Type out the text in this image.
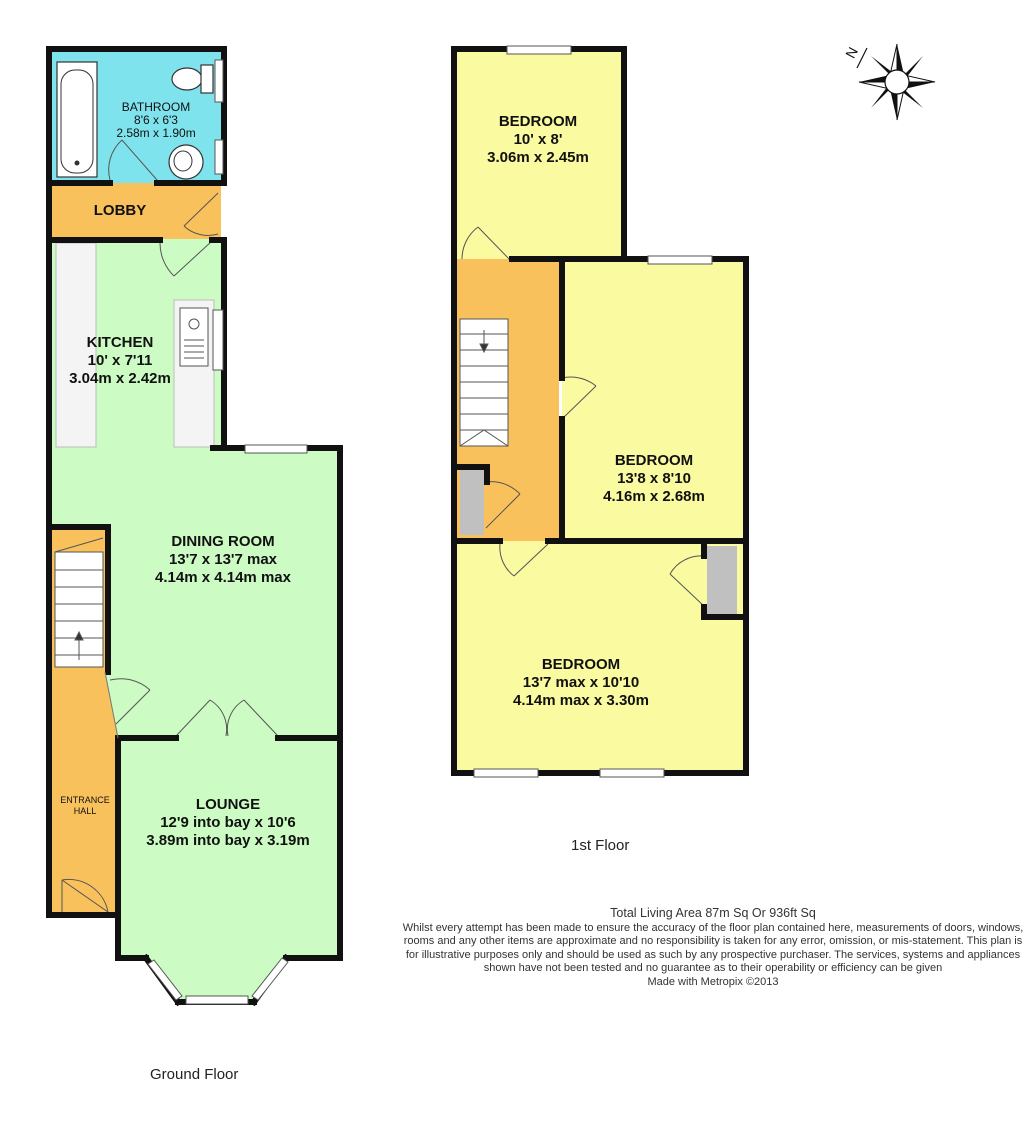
N
BATHROOM
8'6 x 6'3
2.58m x 1.90m
LOBBY
KITCHEN
10' x 7'11
3.04m x 2.42m
DINING ROOM
13'7 x 13'7 max
4.14m x 4.14m max
ENTRANCE
HALL	LOUNGE
12'9 into bay x 10'6
3.89m into bay x 3.19m
BEDROOM
10' x 8'
3.06m x 2.45m
BEDROOM
13'8 x 8'10
4.16m x 2.68m
BEDROOM
13'7 max x 10'10
4.14m max x 3.30m
Ground Floor
1st Floor
Total Living Area 87m Sq Or 936ft Sq
Whilst every attempt has been made to ensure the accuracy of the floor plan contained here, measurements of doors, windows, rooms and any other items are approximate and no responsibility is taken for any error, omission, or mis-statement. This plan is for illustrative purposes only and should be used as such by any prospective purchaser. The services, systems and appliances shown have not been tested and no guarantee as to their operability or efficiency can be given
Made with Metropix ©2013
